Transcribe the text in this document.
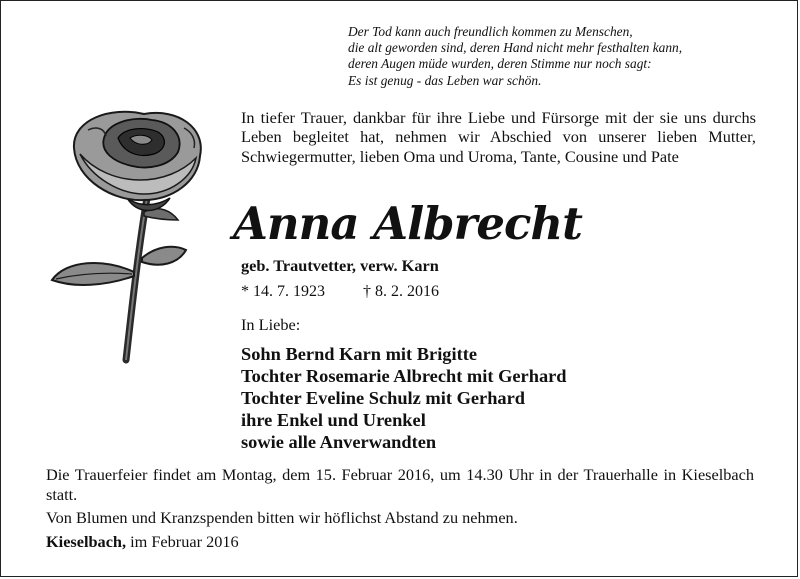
Der Tod kann auch freundlich kommen zu Menschen,
die alt geworden sind, deren Hand nicht mehr festhalten kann,
deren Augen müde wurden, deren Stimme nur noch sagt:
Es ist genug - das Leben war schön.
In tiefer Trauer, dankbar für ihre Liebe und Fürsorge mit der sie uns durchs Leben begleitet hat, nehmen wir Abschied von unserer lieben Mutter, Schwiegermutter, lieben Oma und Uroma, Tante, Cousine und Pate
Anna Albrecht
geb. Trautvetter, verw. Karn
* 14. 7. 1923 † 8. 2. 2016
In Liebe:
Sohn Bernd Karn mit Brigitte
Tochter Rosemarie Albrecht mit Gerhard
Tochter Eveline Schulz mit Gerhard
ihre Enkel und Urenkel
sowie alle Anverwandten

Die Trauerfeier findet am Montag, dem 15. Februar 2016, um 14.30 Uhr in der Trauerhalle in Kieselbach statt.

Von Blumen und Kranzspenden bitten wir höflichst Abstand zu nehmen.

Kieselbach, im Februar 2016
